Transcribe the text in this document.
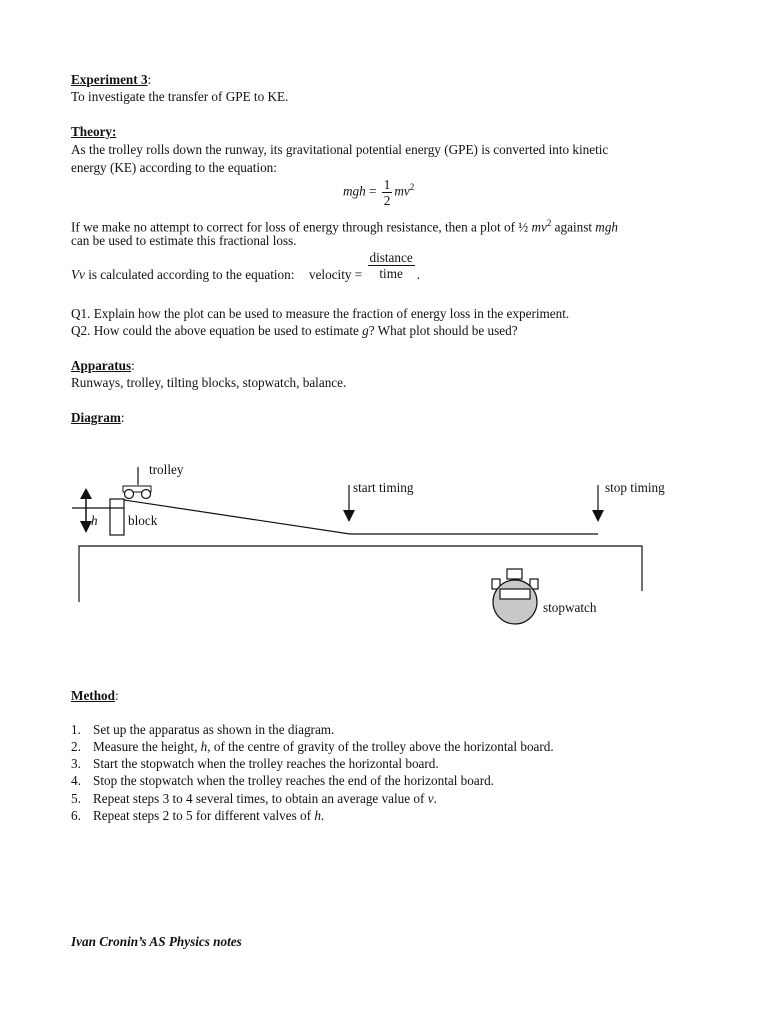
Experiment 3:
To investigate the transfer of GPE to KE.
Theory:
As the trolley rolls down the runway, its gravitational potential energy (GPE) is converted into kinetic
energy (KE) according to the equation:
mgh = $\frac{1}{2} mv^2$
If we make no attempt to correct for loss of energy through resistance, then a plot of ½ $mv^2$ against mgh
can be used to estimate this fractional loss.
Vv is calculated according to the equation: velocity = $\frac{\text{distance}}{\text{time}}$ .
Q1. Explain how the plot can be used to measure the fraction of energy loss in the experiment.
Q2. How could the above equation be used to estimate g? What plot should be used?
Apparatus:
Runways, trolley, tilting blocks, stopwatch, balance.
Diagram:
trolley
block
h
start timing	stop timing
stopwatch
Method:
1. Set up the apparatus as shown in the diagram.
2. Measure the height, h, of the centre of gravity of the trolley above the horizontal board.
3. Start the stopwatch when the trolley reaches the horizontal board.
4. Stop the stopwatch when the trolley reaches the end of the horizontal board.
5. Repeat steps 3 to 4 several times, to obtain an average value of v.
6. Repeat steps 2 to 5 for different valves of h.
Ivan Cronin’s AS Physics notes
